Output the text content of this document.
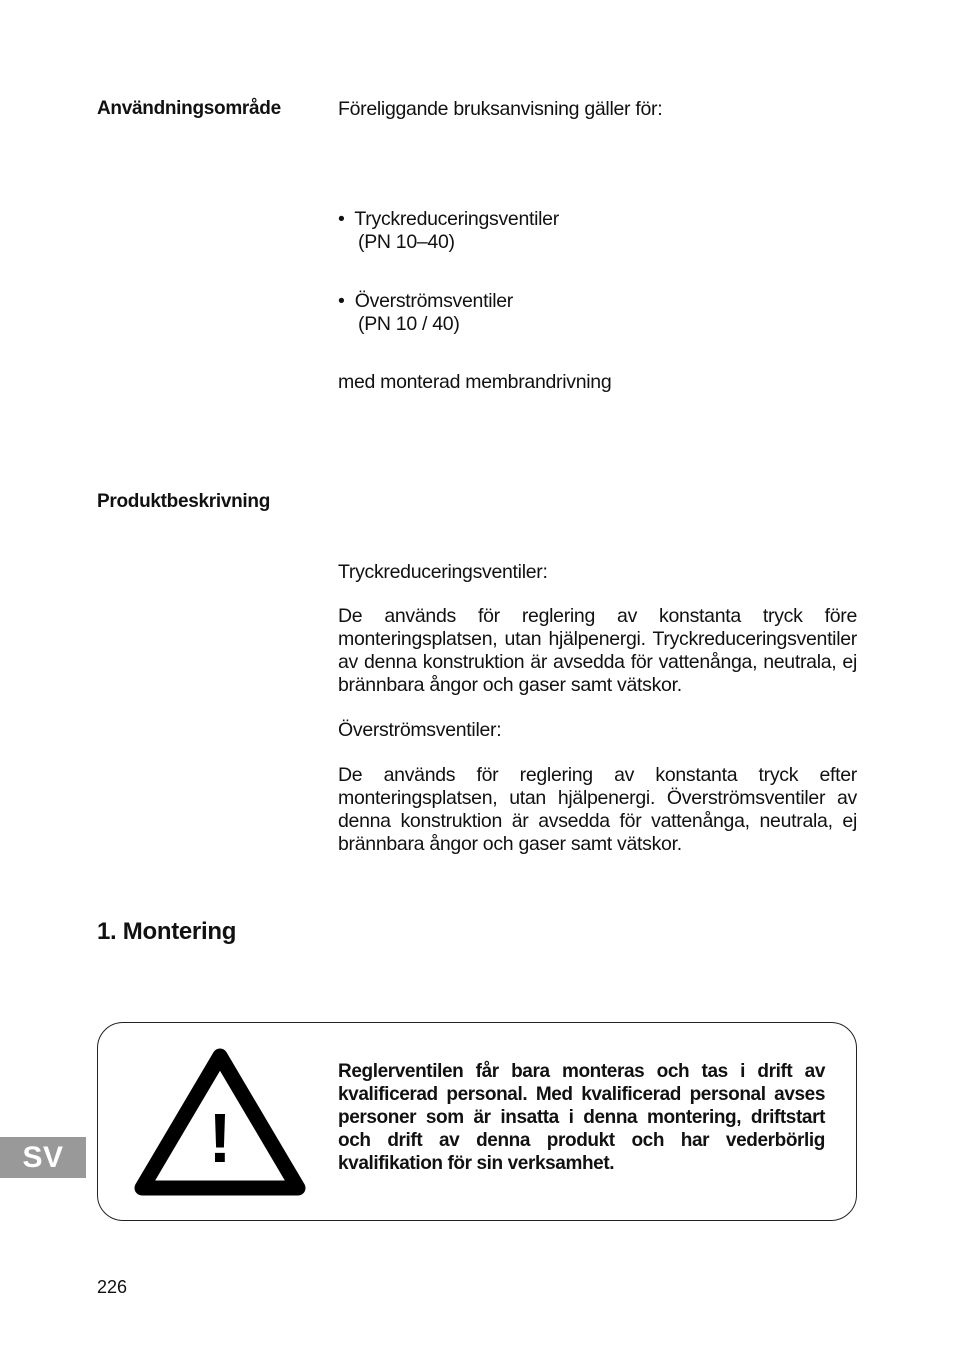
Användningsområde	Föreliggande bruksanvisning gäller för:
• Tryckreduceringsventiler
(PN 10–40)
• Överströmsventiler
(PN 10 / 40)
med monterad membrandrivning
Produktbeskrivning
Tryckreduceringsventiler:

De används för reglering av konstanta tryck före monteringsplatsen, utan hjälpenergi. Tryckreduceringsventiler av denna konstruktion är avsedda för vattenånga, neutrala, ej brännbara ångor och gaser samt vätskor.

Överströmsventiler:

De används för reglering av konstanta tryck efter monteringsplatsen, utan hjälpenergi. Överströmsventiler av denna konstruktion är avsedda för vattenånga, neutrala, ej brännbara ångor och gaser samt vätskor.

1. Montering
!

Reglerventilen får bara monteras och tas i drift av kvalificerad personal. Med kvalificerad personal avses personer som är insatta i denna montering, driftstart och drift av denna produkt och har vederbörlig kvalifikation för sin verksamhet.

SV
226
